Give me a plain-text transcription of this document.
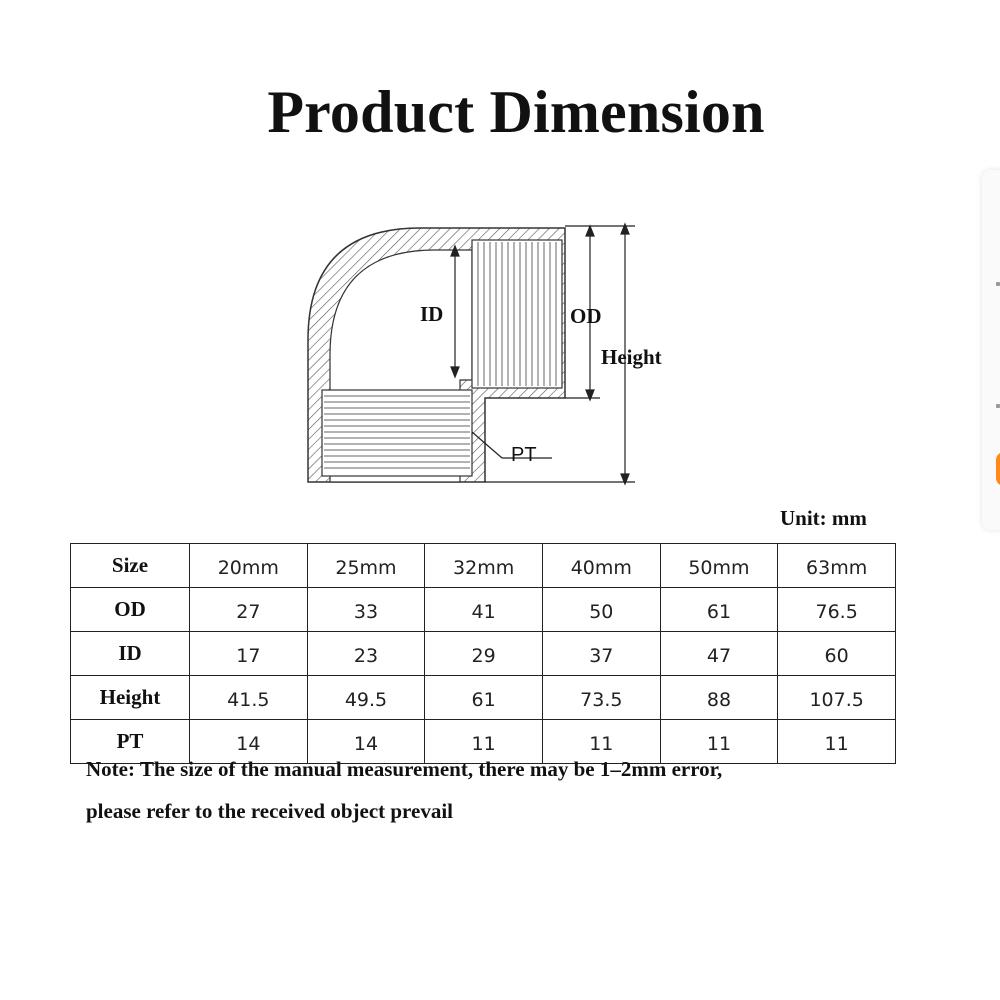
Product Dimension
ID	OD
Height
PT
Unit: mm
Size	20mm	25mm	32mm	40mm	50mm	63mm
OD	27	33	41	50	61	76.5
ID	17	23	29	37	47	60
Height	41.5	49.5	61	73.5	88	107.5
PT	14	14	11	11	11	11
Note: The size of the manual measurement, there may be 1–2mm error,
please refer to the received object prevail
